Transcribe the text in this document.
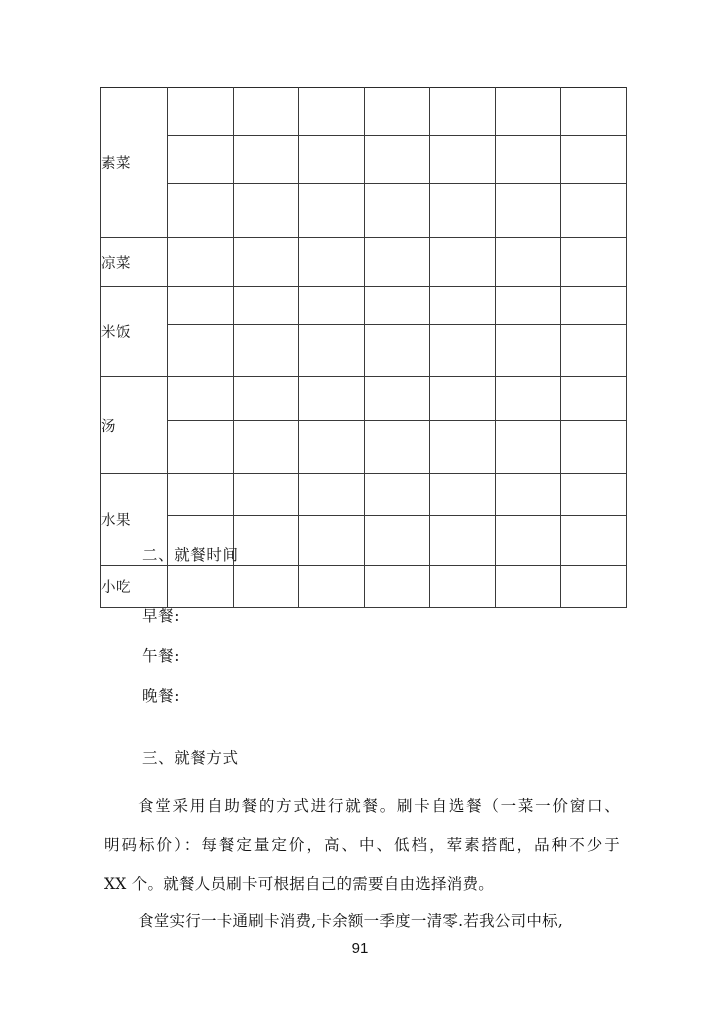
素菜							

凉菜							
米饭							

汤							

水果							

小吃							
二、就餐时间
早餐:
午餐:
晚餐:
三、就餐方式
食堂采用自助餐的方式进行就餐。刷卡自选餐（一菜一价窗口、
明码标价）：每餐定量定价，高、中、低档，荤素搭配，品种不少于
XX 个。就餐人员刷卡可根据自己的需要自由选择消费。
食堂实行一卡通刷卡消费,卡余额一季度一清零.若我公司中标,
91
